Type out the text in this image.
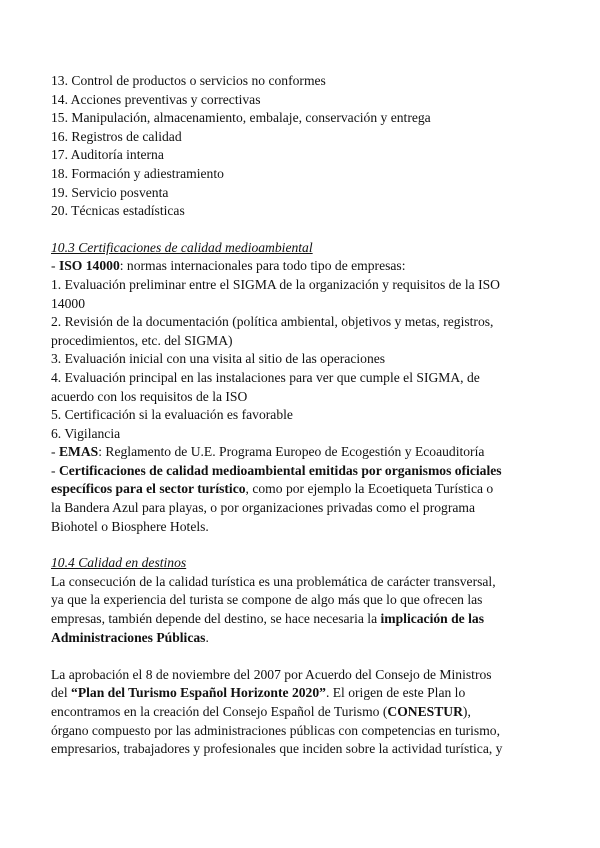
13. Control de productos o servicios no conformes
14. Acciones preventivas y correctivas
15. Manipulación, almacenamiento, embalaje, conservación y entrega
16. Registros de calidad
17. Auditoría interna
18. Formación y adiestramiento
19. Servicio posventa
20. Técnicas estadísticas
10.3 Certificaciones de calidad medioambiental
- ISO 14000: normas internacionales para todo tipo de empresas:
1. Evaluación preliminar entre el SIGMA de la organización y requisitos de la ISO
14000
2. Revisión de la documentación (política ambiental, objetivos y metas, registros,
procedimientos, etc. del SIGMA)
3. Evaluación inicial con una visita al sitio de las operaciones
4. Evaluación principal en las instalaciones para ver que cumple el SIGMA, de
acuerdo con los requisitos de la ISO
5. Certificación si la evaluación es favorable
6. Vigilancia
- EMAS: Reglamento de U.E. Programa Europeo de Ecogestión y Ecoauditoría
- Certificaciones de calidad medioambiental emitidas por organismos oficiales
específicos para el sector turístico, como por ejemplo la Ecoetiqueta Turística o
la Bandera Azul para playas, o por organizaciones privadas como el programa
Biohotel o Biosphere Hotels.
10.4 Calidad en destinos
La consecución de la calidad turística es una problemática de carácter transversal,
ya que la experiencia del turista se compone de algo más que lo que ofrecen las
empresas, también depende del destino, se hace necesaria la implicación de las
Administraciones Públicas.
La aprobación el 8 de noviembre del 2007 por Acuerdo del Consejo de Ministros
del “Plan del Turismo Español Horizonte 2020”. El origen de este Plan lo
encontramos en la creación del Consejo Español de Turismo (CONESTUR),
órgano compuesto por las administraciones públicas con competencias en turismo,
empresarios, trabajadores y profesionales que inciden sobre la actividad turística, y
